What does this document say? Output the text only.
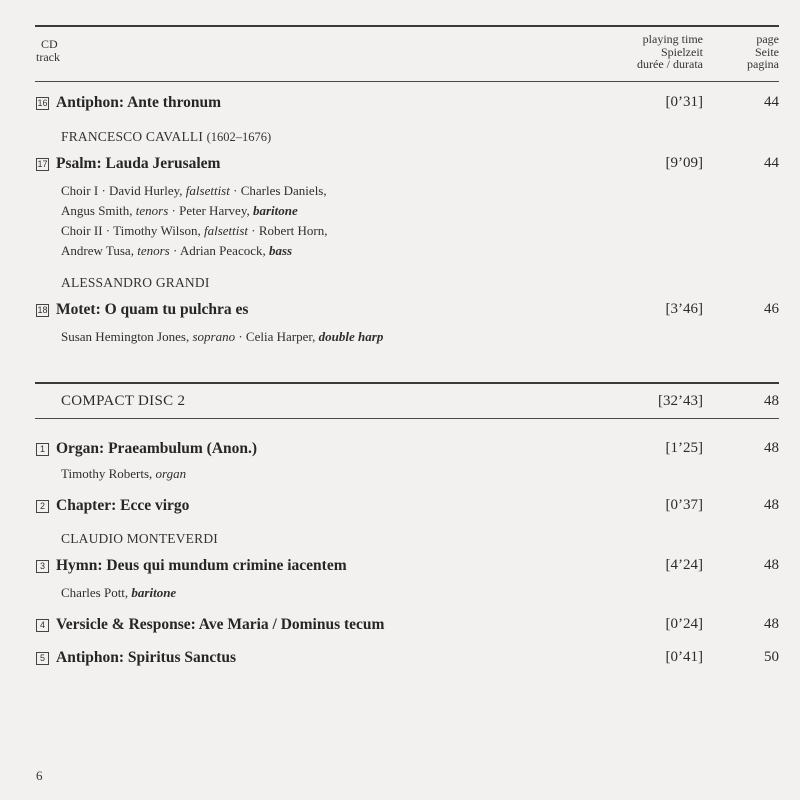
CD
track
playing time
Spielzeit
durée / durata
page
Seite
pagina
16 Antiphon: Ante thronum	[0’31]	44
FRANCESCO CAVALLI (1602–1676)
17 Psalm: Lauda Jerusalem	[9’09]	44
Choir I · David Hurley, falsettist · Charles Daniels,
Angus Smith, tenors · Peter Harvey, baritone
Choir II · Timothy Wilson, falsettist · Robert Horn,
Andrew Tusa, tenors · Adrian Peacock, bass
ALESSANDRO GRANDI
18 Motet: O quam tu pulchra es	[3’46]	46
Susan Hemington Jones, soprano · Celia Harper, double harp
COMPACT DISC 2	[32’43]	48
1 Organ: Praeambulum (Anon.)	[1’25]	48
Timothy Roberts, organ
2 Chapter: Ecce virgo	[0’37]	48
CLAUDIO MONTEVERDI
3 Hymn: Deus qui mundum crimine iacentem	[4’24]	48
Charles Pott, baritone
4 Versicle & Response: Ave Maria / Dominus tecum	[0’24]	48
5 Antiphon: Spiritus Sanctus	[0’41]	50
6
